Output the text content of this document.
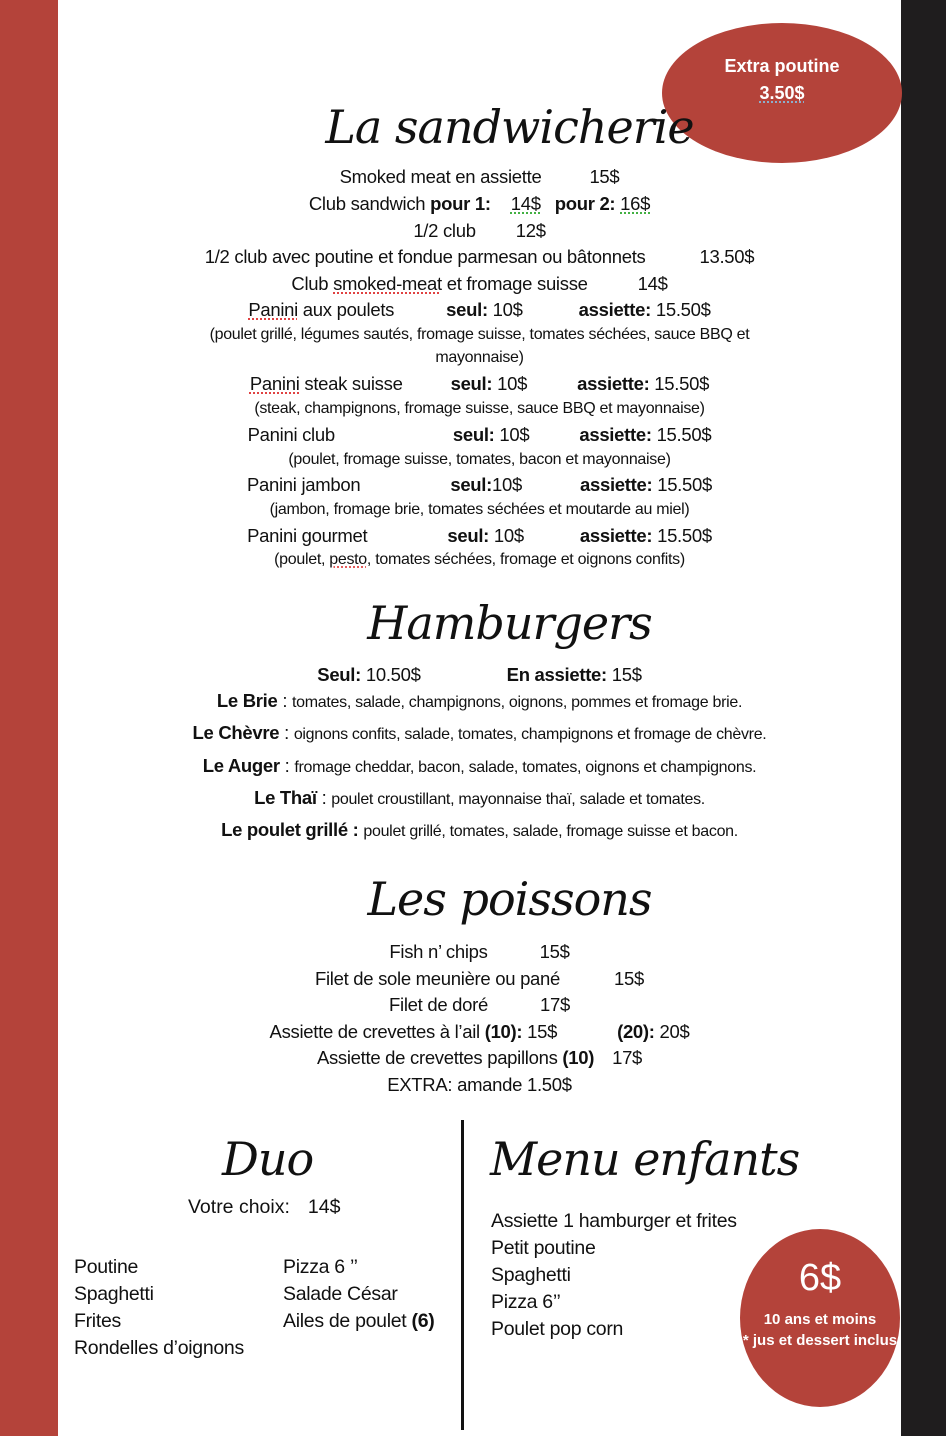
Extra poutine
3.50$
La sandwicherie
Smoked meat en assiette	15$
Club sandwich pour 1: 14$ pour 2: 16$
1/2 club 12$
1/2 club avec poutine et fondue parmesan ou bâtonnets	13.50$
Club smoked-meat et fromage suisse	14$
Panini aux poulets	seul: 10$	assiette: 15.50$
(poulet grillé, légumes sautés, fromage suisse, tomates séchées, sauce BBQ et
mayonnaise)
Panini steak suisse	seul: 10$	assiette: 15.50$
(steak, champignons, fromage suisse, sauce BBQ et mayonnaise)
Panini club	seul: 10$	assiette: 15.50$
(poulet, fromage suisse, tomates, bacon et mayonnaise)
Panini jambon	seul:10$	assiette: 15.50$
(jambon, fromage brie, tomates séchées et moutarde au miel)
Panini gourmet	seul: 10$	assiette: 15.50$
(poulet, pesto, tomates séchées, fromage et oignons confits)
Hamburgers
Seul: 10.50$	En assiette: 15$
Le Brie : tomates, salade, champignons, oignons, pommes et fromage brie.
Le Chèvre : oignons confits, salade, tomates, champignons et fromage de chèvre.
Le Auger : fromage cheddar, bacon, salade, tomates, oignons et champignons.
Le Thaï : poulet croustillant, mayonnaise thaï, salade et tomates.
Le poulet grillé : poulet grillé, tomates, salade, fromage suisse et bacon.
Les poissons
Fish n’ chips	15$
Filet de sole meunière ou pané	15$
Filet de doré	17$
Assiette de crevettes à l’ail (10): 15$	(20): 20$
Assiette de crevettes papillons (10) 17$
EXTRA: amande 1.50$
Duo
Votre choix: 14$
Poutine
Spaghetti
Frites
Rondelles d’oignons
Pizza 6 ’’
Salade César
Ailes de poulet (6)
Menu enfants
Assiette 1 hamburger et frites
Petit poutine
Spaghetti
Pizza 6’’
Poulet pop corn
6$
10 ans et moins
* jus et dessert inclus
